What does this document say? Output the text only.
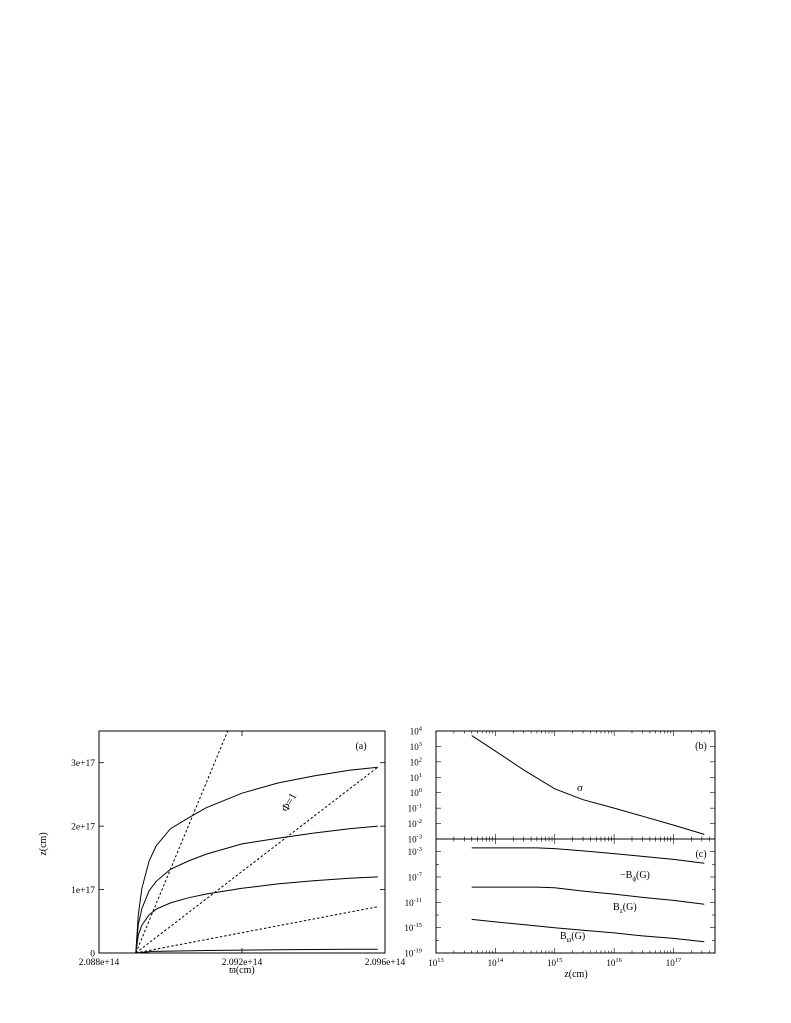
2.088e+14	2.092e+14	2.096e+14
0
1e+17
2e+17
3e+17
(a)
ϖ(cm)
z(cm)
Φ=1
$10^4$
$10^3$
$10^2$
$10^1$
$10^0$
$10^{-1}$
$10^{-2}$
$10^{-3}$
(b)
σ
$10^{13}$	$10^{14}$	$10^{15}$	$10^{16}$	$10^{17}$
$10^{-3}$
$10^{-7}$
$10^{-11}$
$10^{-15}$
$10^{-19}$
$-B_\phi(G)$
$B_z(G)$
$B_ϖ(G)$
(c)
z(cm)
